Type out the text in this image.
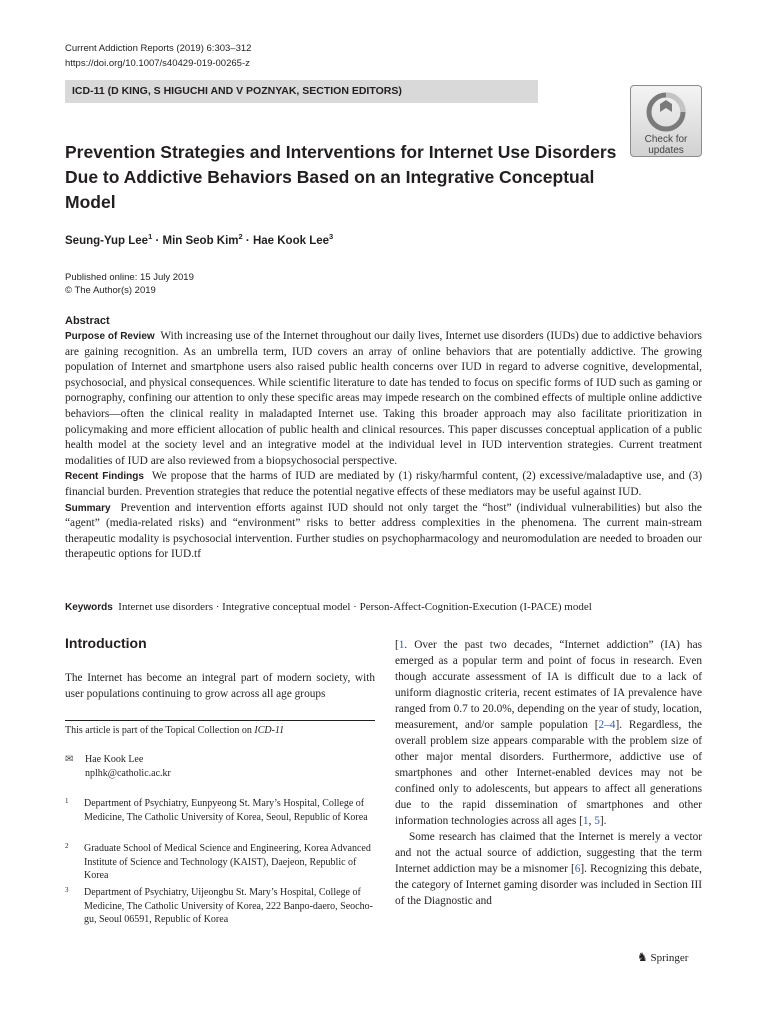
Current Addiction Reports (2019) 6:303–312
https://doi.org/10.1007/s40429-019-00265-z
ICD-11 (D KING, S HIGUCHI AND V POZNYAK, SECTION EDITORS)
Check for
updates
Prevention Strategies and Interventions for Internet Use Disorders Due to Addictive Behaviors Based on an Integrative Conceptual Model
Seung-Yup Lee$^1$ · Min Seob Kim$^2$ · Hae Kook Lee$^3$
Published online: 15 July 2019
© The Author(s) 2019
Abstract

Purpose of Review With increasing use of the Internet throughout our daily lives, Internet use disorders (IUDs) due to addictive behaviors are gaining recognition. As an umbrella term, IUD covers an array of online behaviors that are potentially addictive. The growing population of Internet and smartphone users also raised public health concerns over IUD in regard to adverse cognitive, developmental, psychosocial, and physical consequences. While scientific literature to date has tended to focus on specific forms of IUD such as gaming or pornography, confining our attention to only these specific areas may impede research on the combined effects of multiple online addictive behaviors—often the clinical reality in maladapted Internet use. Taking this broader approach may also facilitate prioritization in policymaking and more efficient allocation of public health and clinical resources. This paper discusses conceptual application of a public health model at the society level and an integrative model at the individual level in IUD intervention strategies. Current treatment modalities of IUD are also reviewed from a biopsychosocial perspective.

Recent Findings We propose that the harms of IUD are mediated by (1) risky/harmful content, (2) excessive/maladaptive use, and (3) financial burden. Prevention strategies that reduce the potential negative effects of these mediators may be useful against IUD.

Summary Prevention and intervention efforts against IUD should not only target the “host” (individual vulnerabilities) but also the “agent” (media-related risks) and “environment” risks to better address complexities in the phenomena. The current main-stream therapeutic modality is psychosocial intervention. Further studies on psychopharmacology and neuromodulation are needed to broaden our therapeutic options for IUD.tf

Keywords Internet use disorders · Integrative conceptual model · Person-Affect-Cognition-Execution (I-PACE) model
Introduction

The Internet has become an integral part of modern society, with user populations continuing to grow across all age groups

This article is part of the Topical Collection on ICD-11
✉ Hae Kook Lee
nplhk@catholic.ac.kr
1 Department of Psychiatry, Eunpyeong St. Mary’s Hospital, College of Medicine, The Catholic University of Korea, Seoul, Republic of Korea
2 Graduate School of Medical Science and Engineering, Korea Advanced Institute of Science and Technology (KAIST), Daejeon, Republic of Korea
3 Department of Psychiatry, Uijeongbu St. Mary’s Hospital, College of Medicine, The Catholic University of Korea, 222 Banpo-daero, Seocho-gu, Seoul 06591, Republic of Korea

[1. Over the past two decades, “Internet addiction” (IA) has emerged as a popular term and point of focus in research. Even though accurate assessment of IA is difficult due to a lack of uniform diagnostic criteria, recent estimates of IA prevalence have ranged from 0.7 to 20.0%, depending on the year of study, location, measurement, and/or sample population [2–4]. Regardless, the overall problem size appears comparable with the problem size of other major mental disorders. Furthermore, addictive use of smartphones and other Internet-enabled devices may not be confined only to adolescents, but appears to affect all generations due to the rapid dissemination of smartphones and other information technologies across all ages [1, 5].

Some research has claimed that the Internet is merely a vector and not the actual source of addiction, suggesting that the term Internet addiction may be a misnomer [6]. Recognizing this debate, the category of Internet gaming disorder was included in Section III of the Diagnostic and

♞ Springer
